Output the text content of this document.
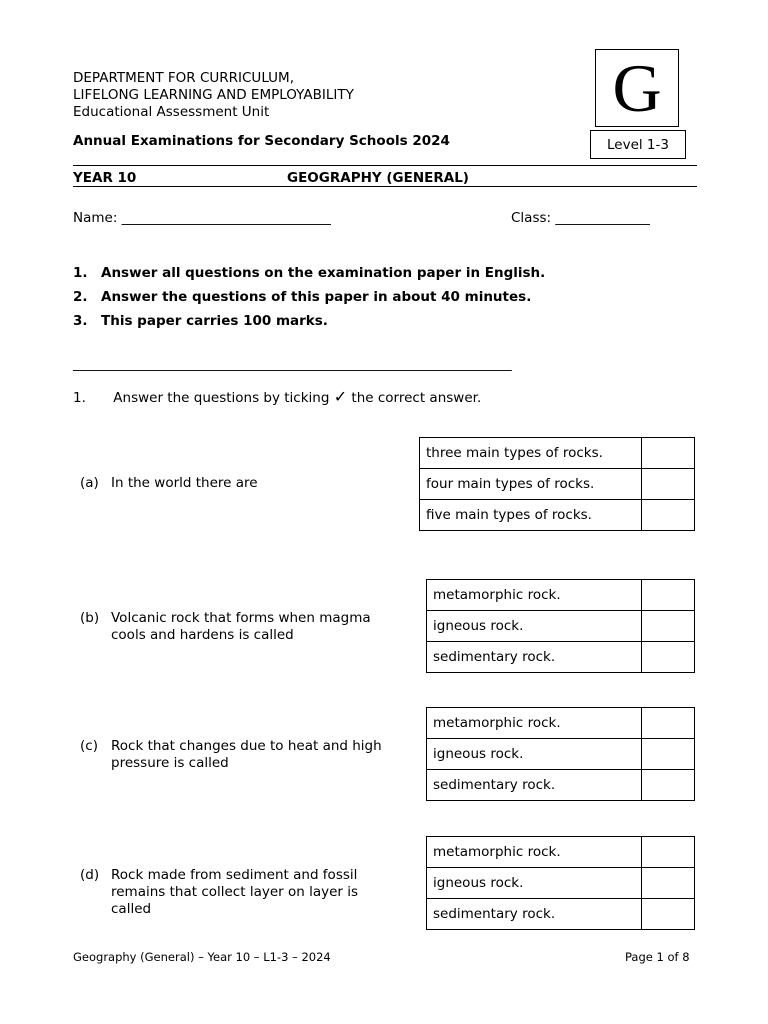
DEPARTMENT FOR CURRICULUM,
LIFELONG LEARNING AND EMPLOYABILITY
Educational Assessment Unit	G
Level 1-3
Annual Examinations for Secondary Schools 2024
YEAR 10	GEOGRAPHY (GENERAL)
Name: _______________________________	Class: ______________
1. Answer all questions on the examination paper in English.
2. Answer the questions of this paper in about 40 minutes.
3. This paper carries 100 marks.
_________________________________________________________________
1. Answer the questions by ticking ✓ the correct answer.
(a) In the world there are
three main types of rocks.	
four main types of rocks.	
five main types of rocks.	
(b) Volcanic rock that forms when magma cools and hardens is called
metamorphic rock.	
igneous rock.	
sedimentary rock.	
(c) Rock that changes due to heat and high pressure is called
metamorphic rock.	
igneous rock.	
sedimentary rock.	
(d) Rock made from sediment and fossil remains that collect layer on layer is called
metamorphic rock.	
igneous rock.	
sedimentary rock.	
Geography (General) – Year 10 – L1-3 – 2024	Page 1 of 8
